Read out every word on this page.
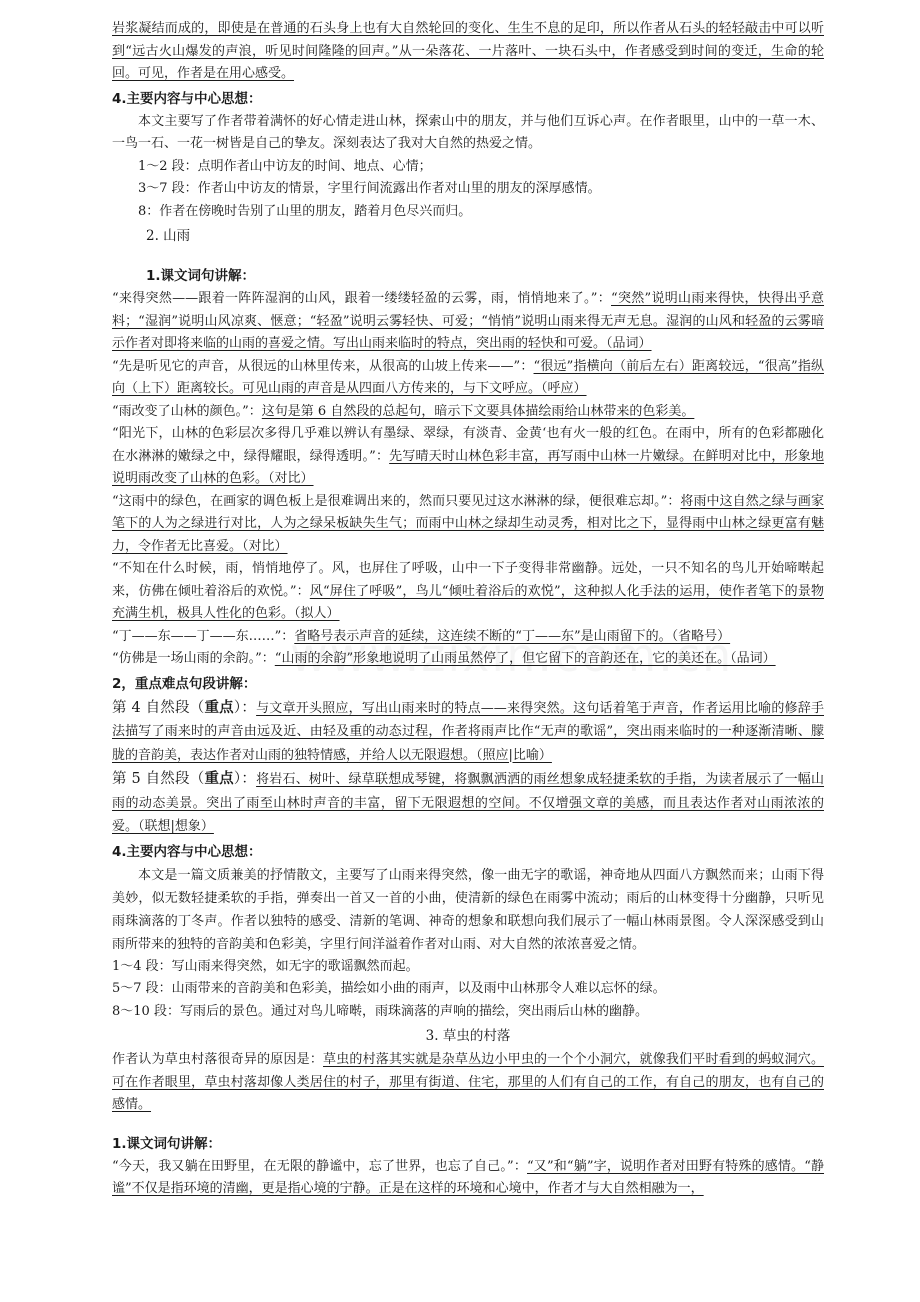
岩浆凝结而成的，即使是在普通的石头身上也有大自然轮回的变化、生生不息的足印，所以作者从石头的轻轻敲击中可以听到“远古火山爆发的声浪，听见时间隆隆的回声。”从一朵落花、一片落叶、一块石头中，作者感受到时间的变迁，生命的轮回。可见，作者是在用心感受。

4.主要内容与中心思想：

本文主要写了作者带着满怀的好心情走进山林，探索山中的朋友，并与他们互诉心声。在作者眼里，山中的一草一木、一鸟一石、一花一树皆是自己的挚友。深刻表达了我对大自然的热爱之情。

1～2 段：点明作者山中访友的时间、地点、心情；

3～7 段：作者山中访友的情景，字里行间流露出作者对山里的朋友的深厚感情。

8：作者在傍晚时告别了山里的朋友，踏着月色尽兴而归。

2. 山雨

1.课文词句讲解：

“来得突然——跟着一阵阵湿润的山风，跟着一缕缕轻盈的云雾，雨，悄悄地来了。”：“突然”说明山雨来得快，快得出乎意料；“湿润”说明山风凉爽、惬意；“轻盈”说明云雾轻快、可爱；“悄悄”说明山雨来得无声无息。湿润的山风和轻盈的云雾暗示作者对即将来临的山雨的喜爱之情。写出山雨来临时的特点，突出雨的轻快和可爱。（品词）

“先是听见它的声音，从很远的山林里传来，从很高的山坡上传来——”：“很远”指横向（前后左右）距离较远，“很高”指纵向（上下）距离较长。可见山雨的声音是从四面八方传来的，与下文呼应。（呼应）

“雨改变了山林的颜色。”：这句是第 6 自然段的总起句，暗示下文要具体描绘雨给山林带来的色彩美。

“阳光下，山林的色彩层次多得几乎难以辨认有墨绿、翠绿，有淡青、金黄‘也有火一般的红色。在雨中，所有的色彩都融化在水淋淋的嫩绿之中，绿得耀眼，绿得透明。”：先写晴天时山林色彩丰富，再写雨中山林一片嫩绿。在鲜明对比中，形象地说明雨改变了山林的色彩。（对比）

“这雨中的绿色，在画家的调色板上是很难调出来的，然而只要见过这水淋淋的绿，便很难忘却。”：将雨中这自然之绿与画家笔下的人为之绿进行对比，人为之绿呆板缺失生气；而雨中山林之绿却生动灵秀，相对比之下，显得雨中山林之绿更富有魅力，令作者无比喜爱。（对比）

“不知在什么时候，雨，悄悄地停了。风，也屏住了呼吸，山中一下子变得非常幽静。远处，一只不知名的鸟儿开始啼啭起来，仿佛在倾吐着浴后的欢悦。”：风“屏住了呼吸”，鸟儿“倾吐着浴后的欢悦”，这种拟人化手法的运用，使作者笔下的景物充满生机，极具人性化的色彩。（拟人）

“丁——东——丁——东……”：省略号表示声音的延续，这连续不断的“丁——东”是山雨留下的。（省略号）

“仿佛是一场山雨的余韵。”：“山雨的余韵”形象地说明了山雨虽然停了，但它留下的音韵还在，它的美还在。（品词）

2，重点难点句段讲解：

第 4 自然段（重点）：与文章开头照应，写出山雨来时的特点——来得突然。这句话着笔于声音，作者运用比喻的修辞手法描写了雨来时的声音由远及近、由轻及重的动态过程，作者将雨声比作“无声的歌谣”，突出雨来临时的一种逐渐清晰、朦胧的音韵美，表达作者对山雨的独特情感，并给人以无限遐想。（照应|比喻）

第 5 自然段（重点）：将岩石、树叶、绿草联想成琴键，将飘飘洒洒的雨丝想象成轻捷柔软的手指，为读者展示了一幅山雨的动态美景。突出了雨至山林时声音的丰富，留下无限遐想的空间。不仅增强文章的美感，而且表达作者对山雨浓浓的爱。（联想|想象）

4.主要内容与中心思想：

本文是一篇文质兼美的抒情散文，主要写了山雨来得突然，像一曲无字的歌谣，神奇地从四面八方飘然而来；山雨下得美妙，似无数轻捷柔软的手指，弹奏出一首又一首的小曲，使清新的绿色在雨雾中流动；雨后的山林变得十分幽静，只听见雨珠滴落的丁冬声。作者以独特的感受、清新的笔调、神奇的想象和联想向我们展示了一幅山林雨景图。令人深深感受到山雨所带来的独特的音韵美和色彩美，字里行间洋溢着作者对山雨、对大自然的浓浓喜爱之情。

1～4 段：写山雨来得突然，如无字的歌谣飘然而起。

5～7 段：山雨带来的音韵美和色彩美，描绘如小曲的雨声，以及雨中山林那令人难以忘怀的绿。

8～10 段：写雨后的景色。通过对鸟儿啼啭，雨珠滴落的声响的描绘，突出雨后山林的幽静。

3. 草虫的村落

作者认为草虫村落很奇异的原因是：草虫的村落其实就是杂草丛边小甲虫的一个个小洞穴，就像我们平时看到的蚂蚁洞穴。可在作者眼里，草虫村落却像人类居住的村子，那里有街道、住宅，那里的人们有自己的工作，有自己的朋友，也有自己的感情。

1.课文词句讲解：

“今天，我又躺在田野里，在无限的静谧中，忘了世界，也忘了自己。”：“又”和“躺”字，说明作者对田野有特殊的感情。“静谧”不仅是指环境的清幽，更是指心境的宁静。正是在这样的环境和心境中，作者才与大自然相融为一，
